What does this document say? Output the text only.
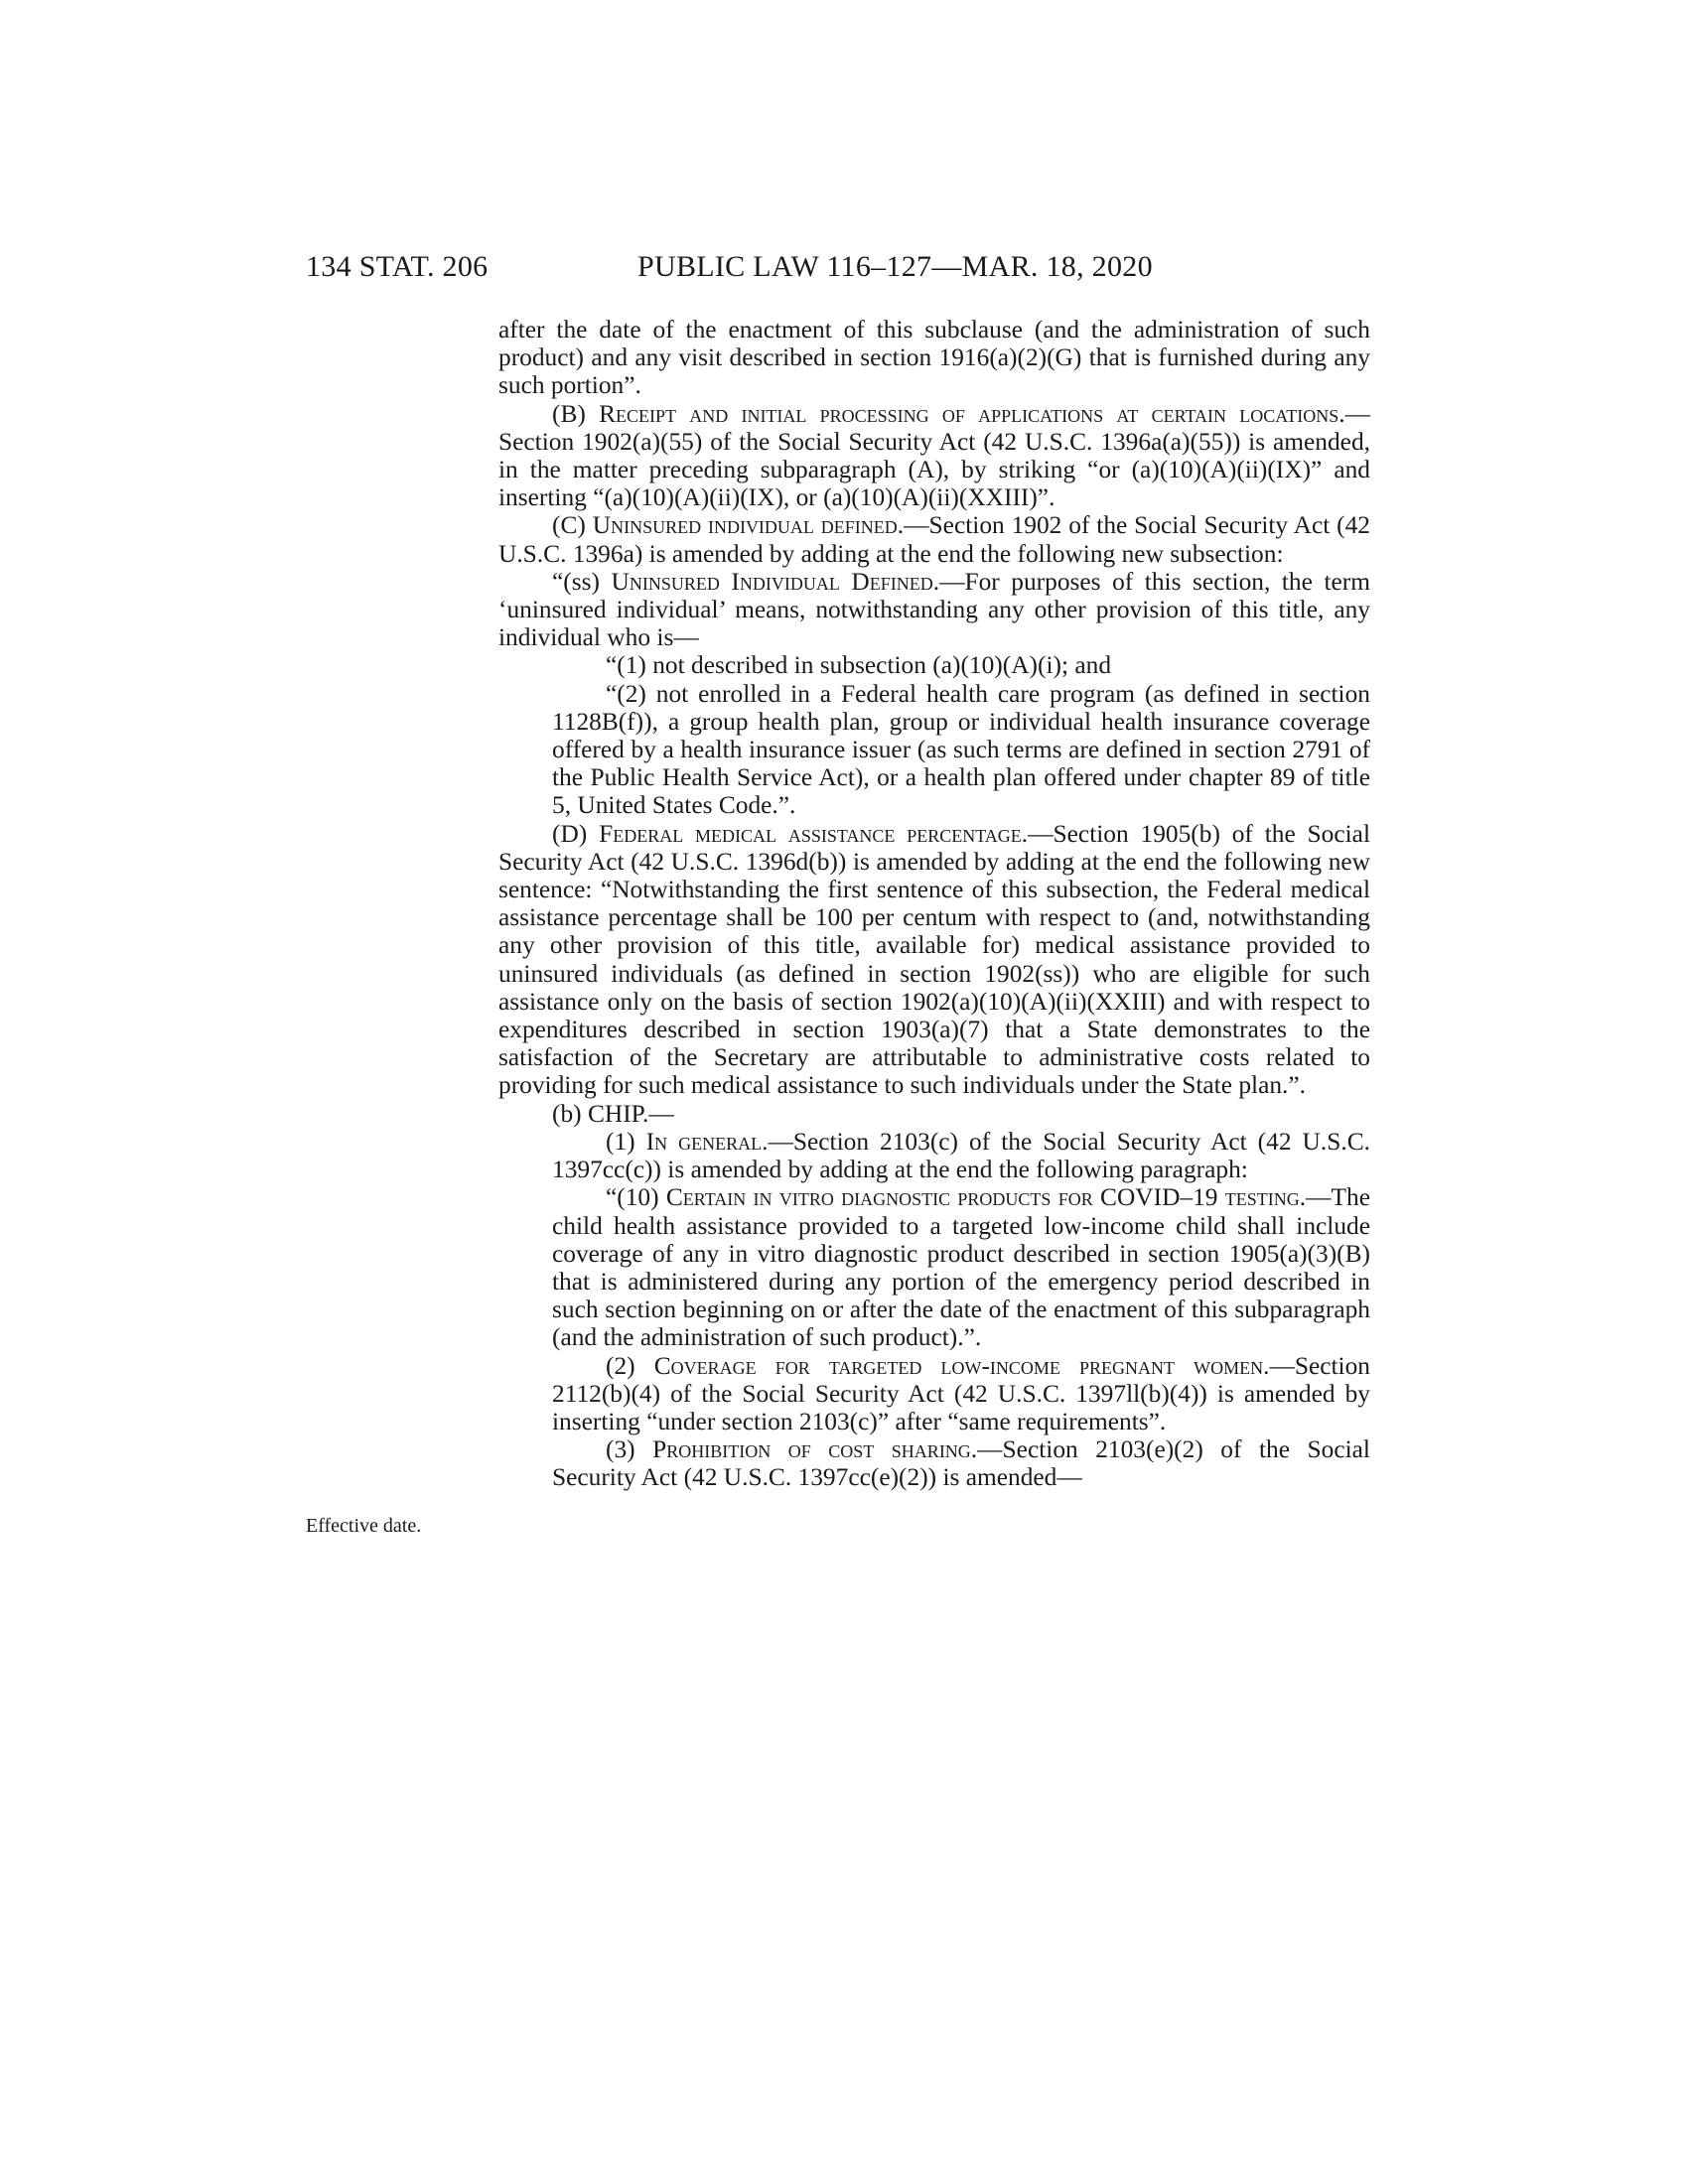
134 STAT. 206	PUBLIC LAW 116–127—MAR. 18, 2020
Effective date.

after the date of the enactment of this subclause (and the administration of such product) and any visit described in section 1916(a)(2)(G) that is furnished during any such portion”.

(B) Receipt and initial processing of applications at certain locations.—Section 1902(a)(55) of the Social Security Act (42 U.S.C. 1396a(a)(55)) is amended, in the matter preceding subparagraph (A), by striking “or (a)(10)(A)(ii)(IX)” and inserting “(a)(10)(A)(ii)(IX), or (a)(10)(A)(ii)(XXIII)”.

(C) Uninsured individual defined.—Section 1902 of the Social Security Act (42 U.S.C. 1396a) is amended by adding at the end the following new subsection:

“(ss) Uninsured Individual Defined.—For purposes of this section, the term ‘uninsured individual’ means, notwithstanding any other provision of this title, any individual who is—

“(1) not described in subsection (a)(10)(A)(i); and

“(2) not enrolled in a Federal health care program (as defined in section 1128B(f)), a group health plan, group or individual health insurance coverage offered by a health insurance issuer (as such terms are defined in section 2791 of the Public Health Service Act), or a health plan offered under chapter 89 of title 5, United States Code.”.

(D) Federal medical assistance percentage.—Section 1905(b) of the Social Security Act (42 U.S.C. 1396d(b)) is amended by adding at the end the following new sentence: “Notwithstanding the first sentence of this subsection, the Federal medical assistance percentage shall be 100 per centum with respect to (and, notwithstanding any other provision of this title, available for) medical assistance provided to uninsured individuals (as defined in section 1902(ss)) who are eligible for such assistance only on the basis of section 1902(a)(10)(A)(ii)(XXIII) and with respect to expenditures described in section 1903(a)(7) that a State demonstrates to the satisfaction of the Secretary are attributable to administrative costs related to providing for such medical assistance to such individuals under the State plan.”.

(b) CHIP.—

(1) In general.—Section 2103(c) of the Social Security Act (42 U.S.C. 1397cc(c)) is amended by adding at the end the following paragraph:

“(10) Certain in vitro diagnostic products for COVID–19 testing.—The child health assistance provided to a targeted low-income child shall include coverage of any in vitro diagnostic product described in section 1905(a)(3)(B) that is administered during any portion of the emergency period described in such section beginning on or after the date of the enactment of this subparagraph (and the administration of such product).”.

(2) Coverage for targeted low-income pregnant women.—Section 2112(b)(4) of the Social Security Act (42 U.S.C. 1397ll(b)(4)) is amended by inserting “under section 2103(c)” after “same requirements”.

(3) Prohibition of cost sharing.—Section 2103(e)(2) of the Social Security Act (42 U.S.C. 1397cc(e)(2)) is amended—
